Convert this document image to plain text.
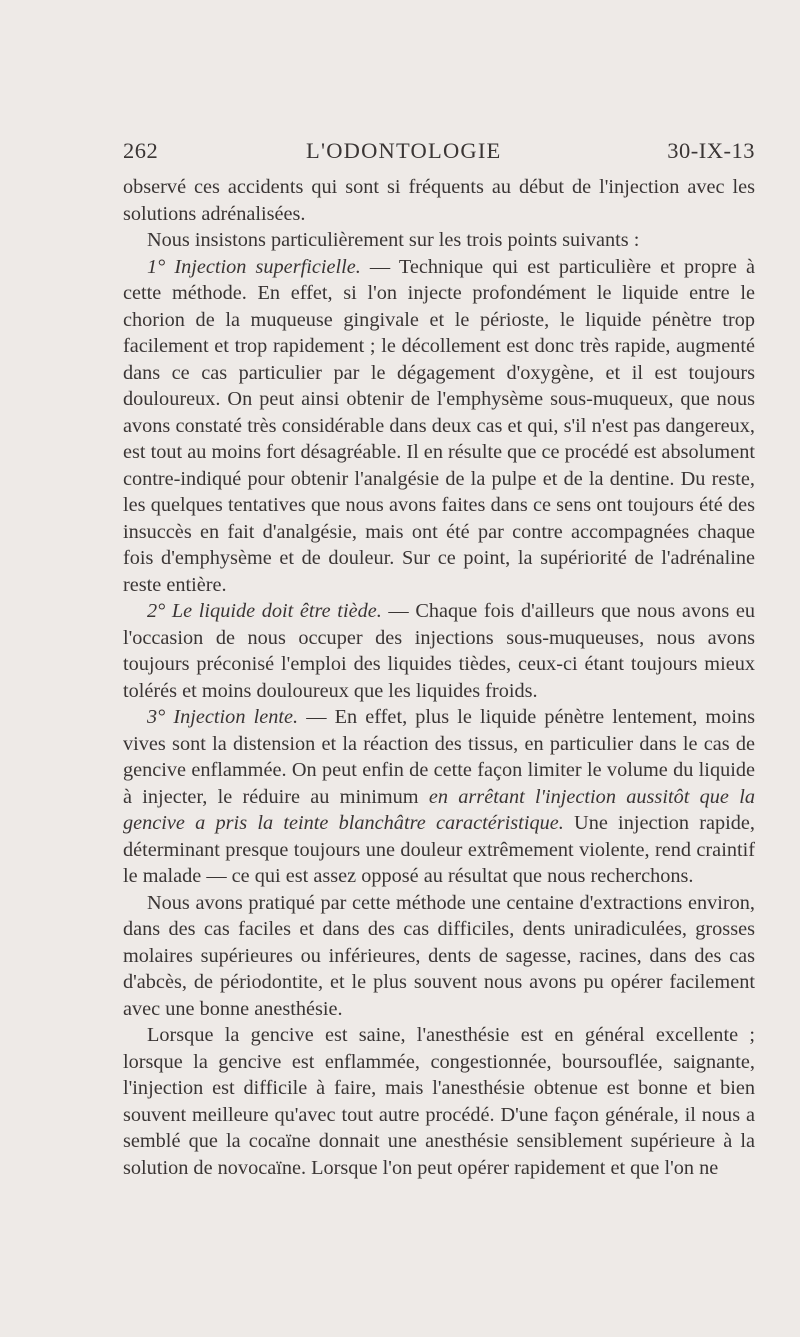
262	L'ODONTOLOGIE	30-IX-13

observé ces accidents qui sont si fréquents au début de l'injection avec les solutions adrénalisées.

Nous insistons particulièrement sur les trois points suivants :

1° Injection superficielle. — Technique qui est particulière et propre à cette méthode. En effet, si l'on injecte profondément le liquide entre le chorion de la muqueuse gingivale et le périoste, le liquide pénètre trop facilement et trop rapidement ; le décollement est donc très rapide, augmenté dans ce cas particulier par le dégagement d'oxygène, et il est toujours douloureux. On peut ainsi obtenir de l'emphysème sous-muqueux, que nous avons constaté très considérable dans deux cas et qui, s'il n'est pas dangereux, est tout au moins fort désagréable. Il en résulte que ce procédé est absolument contre-indiqué pour obtenir l'analgésie de la pulpe et de la dentine. Du reste, les quelques tentatives que nous avons faites dans ce sens ont toujours été des insuccès en fait d'analgésie, mais ont été par contre accompagnées chaque fois d'emphysème et de douleur. Sur ce point, la supériorité de l'adrénaline reste entière.

2° Le liquide doit être tiède. — Chaque fois d'ailleurs que nous avons eu l'occasion de nous occuper des injections sous-muqueuses, nous avons toujours préconisé l'emploi des liquides tièdes, ceux-ci étant toujours mieux tolérés et moins douloureux que les liquides froids.

3° Injection lente. — En effet, plus le liquide pénètre lentement, moins vives sont la distension et la réaction des tissus, en particulier dans le cas de gencive enflammée. On peut enfin de cette façon limiter le volume du liquide à injecter, le réduire au minimum en arrêtant l'injection aussitôt que la gencive a pris la teinte blanchâtre caractéristique. Une injection rapide, déterminant presque toujours une douleur extrêmement violente, rend craintif le malade — ce qui est assez opposé au résultat que nous recherchons.

Nous avons pratiqué par cette méthode une centaine d'extractions environ, dans des cas faciles et dans des cas difficiles, dents uniradiculées, grosses molaires supérieures ou inférieures, dents de sagesse, racines, dans des cas d'abcès, de périodontite, et le plus souvent nous avons pu opérer facilement avec une bonne anesthésie.

Lorsque la gencive est saine, l'anesthésie est en général excellente ; lorsque la gencive est enflammée, congestionnée, boursouflée, saignante, l'injection est difficile à faire, mais l'anesthésie obtenue est bonne et bien souvent meilleure qu'avec tout autre procédé. D'une façon générale, il nous a semblé que la cocaïne donnait une anesthésie sensiblement supérieure à la solution de novocaïne. Lorsque l'on peut opérer rapidement et que l'on ne
